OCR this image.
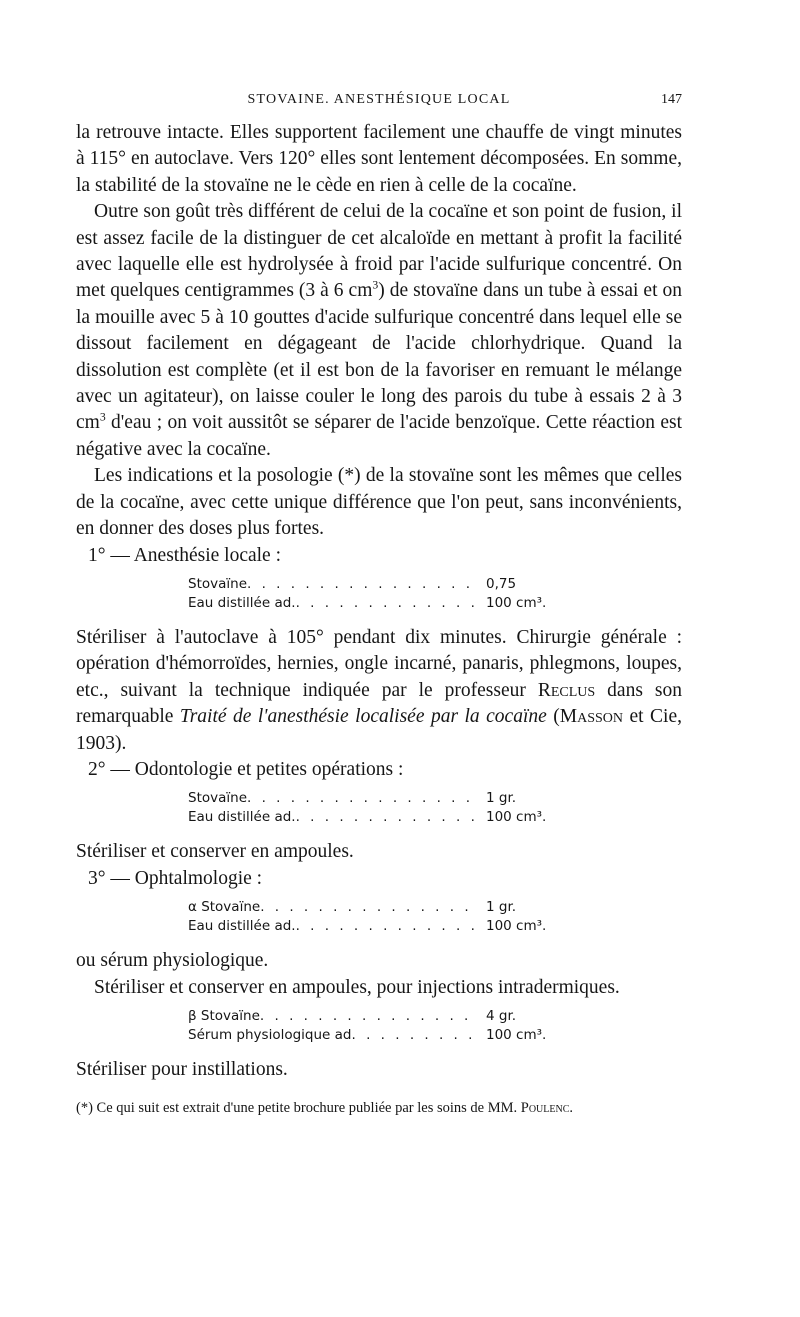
STOVAINE. ANESTHÉSIQUE LOCAL	147

la retrouve intacte. Elles supportent facilement une chauffe de vingt minutes à 115° en autoclave. Vers 120° elles sont lentement décomposées. En somme, la stabilité de la stovaïne ne le cède en rien à celle de la cocaïne.

Outre son goût très différent de celui de la cocaïne et son point de fusion, il est assez facile de la distinguer de cet alcaloïde en mettant à profit la facilité avec laquelle elle est hydrolysée à froid par l'acide sulfurique concentré. On met quelques centigrammes (3 à 6 $cm^3$) de stovaïne dans un tube à essai et on la mouille avec 5 à 10 gouttes d'acide sulfurique concentré dans lequel elle se dissout facilement en dégageant de l'acide chlorhydrique. Quand la dissolution est complète (et il est bon de la favoriser en remuant le mélange avec un agitateur), on laisse couler le long des parois du tube à essais 2 à 3 $cm^3$ d'eau ; on voit aussitôt se séparer de l'acide benzoïque. Cette réaction est négative avec la cocaïne.

Les indications et la posologie (*) de la stovaïne sont les mêmes que celles de la cocaïne, avec cette unique différence que l'on peut, sans inconvénients, en donner des doses plus fortes.

1° — Anesthésie locale :

Stovaïne . . .	0,75
Eau distillée ad. . . .	100 cm³.

Stériliser à l'autoclave à 105° pendant dix minutes. Chirurgie générale : opération d'hémorroïdes, hernies, ongle incarné, panaris, phlegmons, loupes, etc., suivant la technique indiquée par le professeur Reclus dans son remarquable Traité de l'anesthésie localisée par la cocaïne (Masson et Cie, 1903).

2° — Odontologie et petites opérations :

Stovaïne . . .	1 gr.
Eau distillée ad. . . .	100 cm³.

Stériliser et conserver en ampoules.

3° — Ophtalmologie :

α Stovaïne . . .	1 gr.
Eau distillée ad. . . .	100 cm³.

ou sérum physiologique.

Stériliser et conserver en ampoules, pour injections intradermiques.

β Stovaïne . . .	4 gr.
Sérum physiologique ad . . .	100 cm³.

Stériliser pour instillations.

(*) Ce qui suit est extrait d'une petite brochure publiée par les soins de MM. Poulenc.
